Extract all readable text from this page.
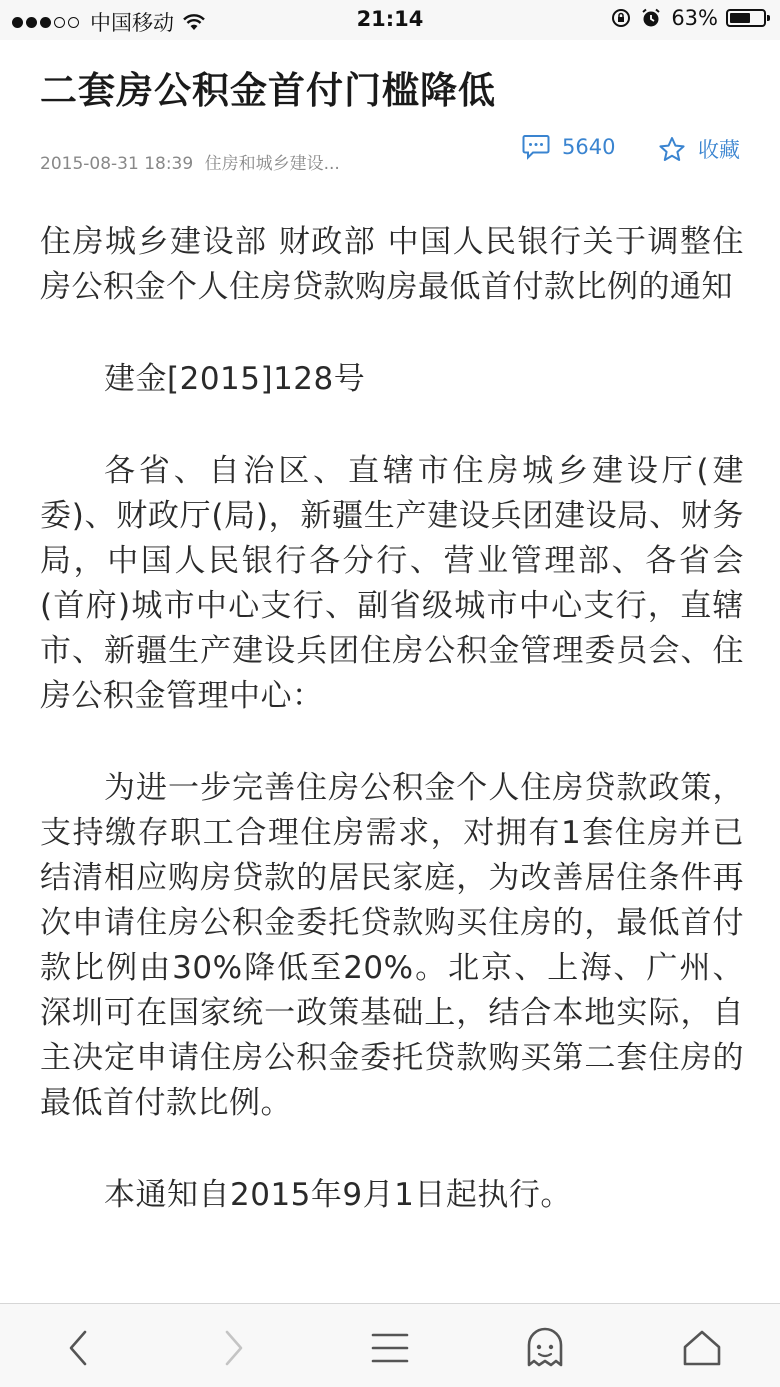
中国移动	21:14	63%
二套房公积金首付门槛降低
2015-08-31 18:39 住房和城乡建设...
5640	收藏

住房城乡建设部 财政部 中国人民银行关于调整住房公积金个人住房贷款购房最低首付款比例的通知

建金[2015]128号

各省、自治区、直辖市住房城乡建设厅(建委)、财政厅(局)，新疆生产建设兵团建设局、财务局，中国人民银行各分行、营业管理部、各省会(首府)城市中心支行、副省级城市中心支行，直辖市、新疆生产建设兵团住房公积金管理委员会、住房公积金管理中心：

为进一步完善住房公积金个人住房贷款政策，支持缴存职工合理住房需求，对拥有1套住房并已结清相应购房贷款的居民家庭，为改善居住条件再次申请住房公积金委托贷款购买住房的，最低首付款比例由30%降低至20%。北京、上海、广州、深圳可在国家统一政策基础上，结合本地实际，自主决定申请住房公积金委托贷款购买第二套住房的最低首付款比例。

本通知自2015年9月1日起执行。
